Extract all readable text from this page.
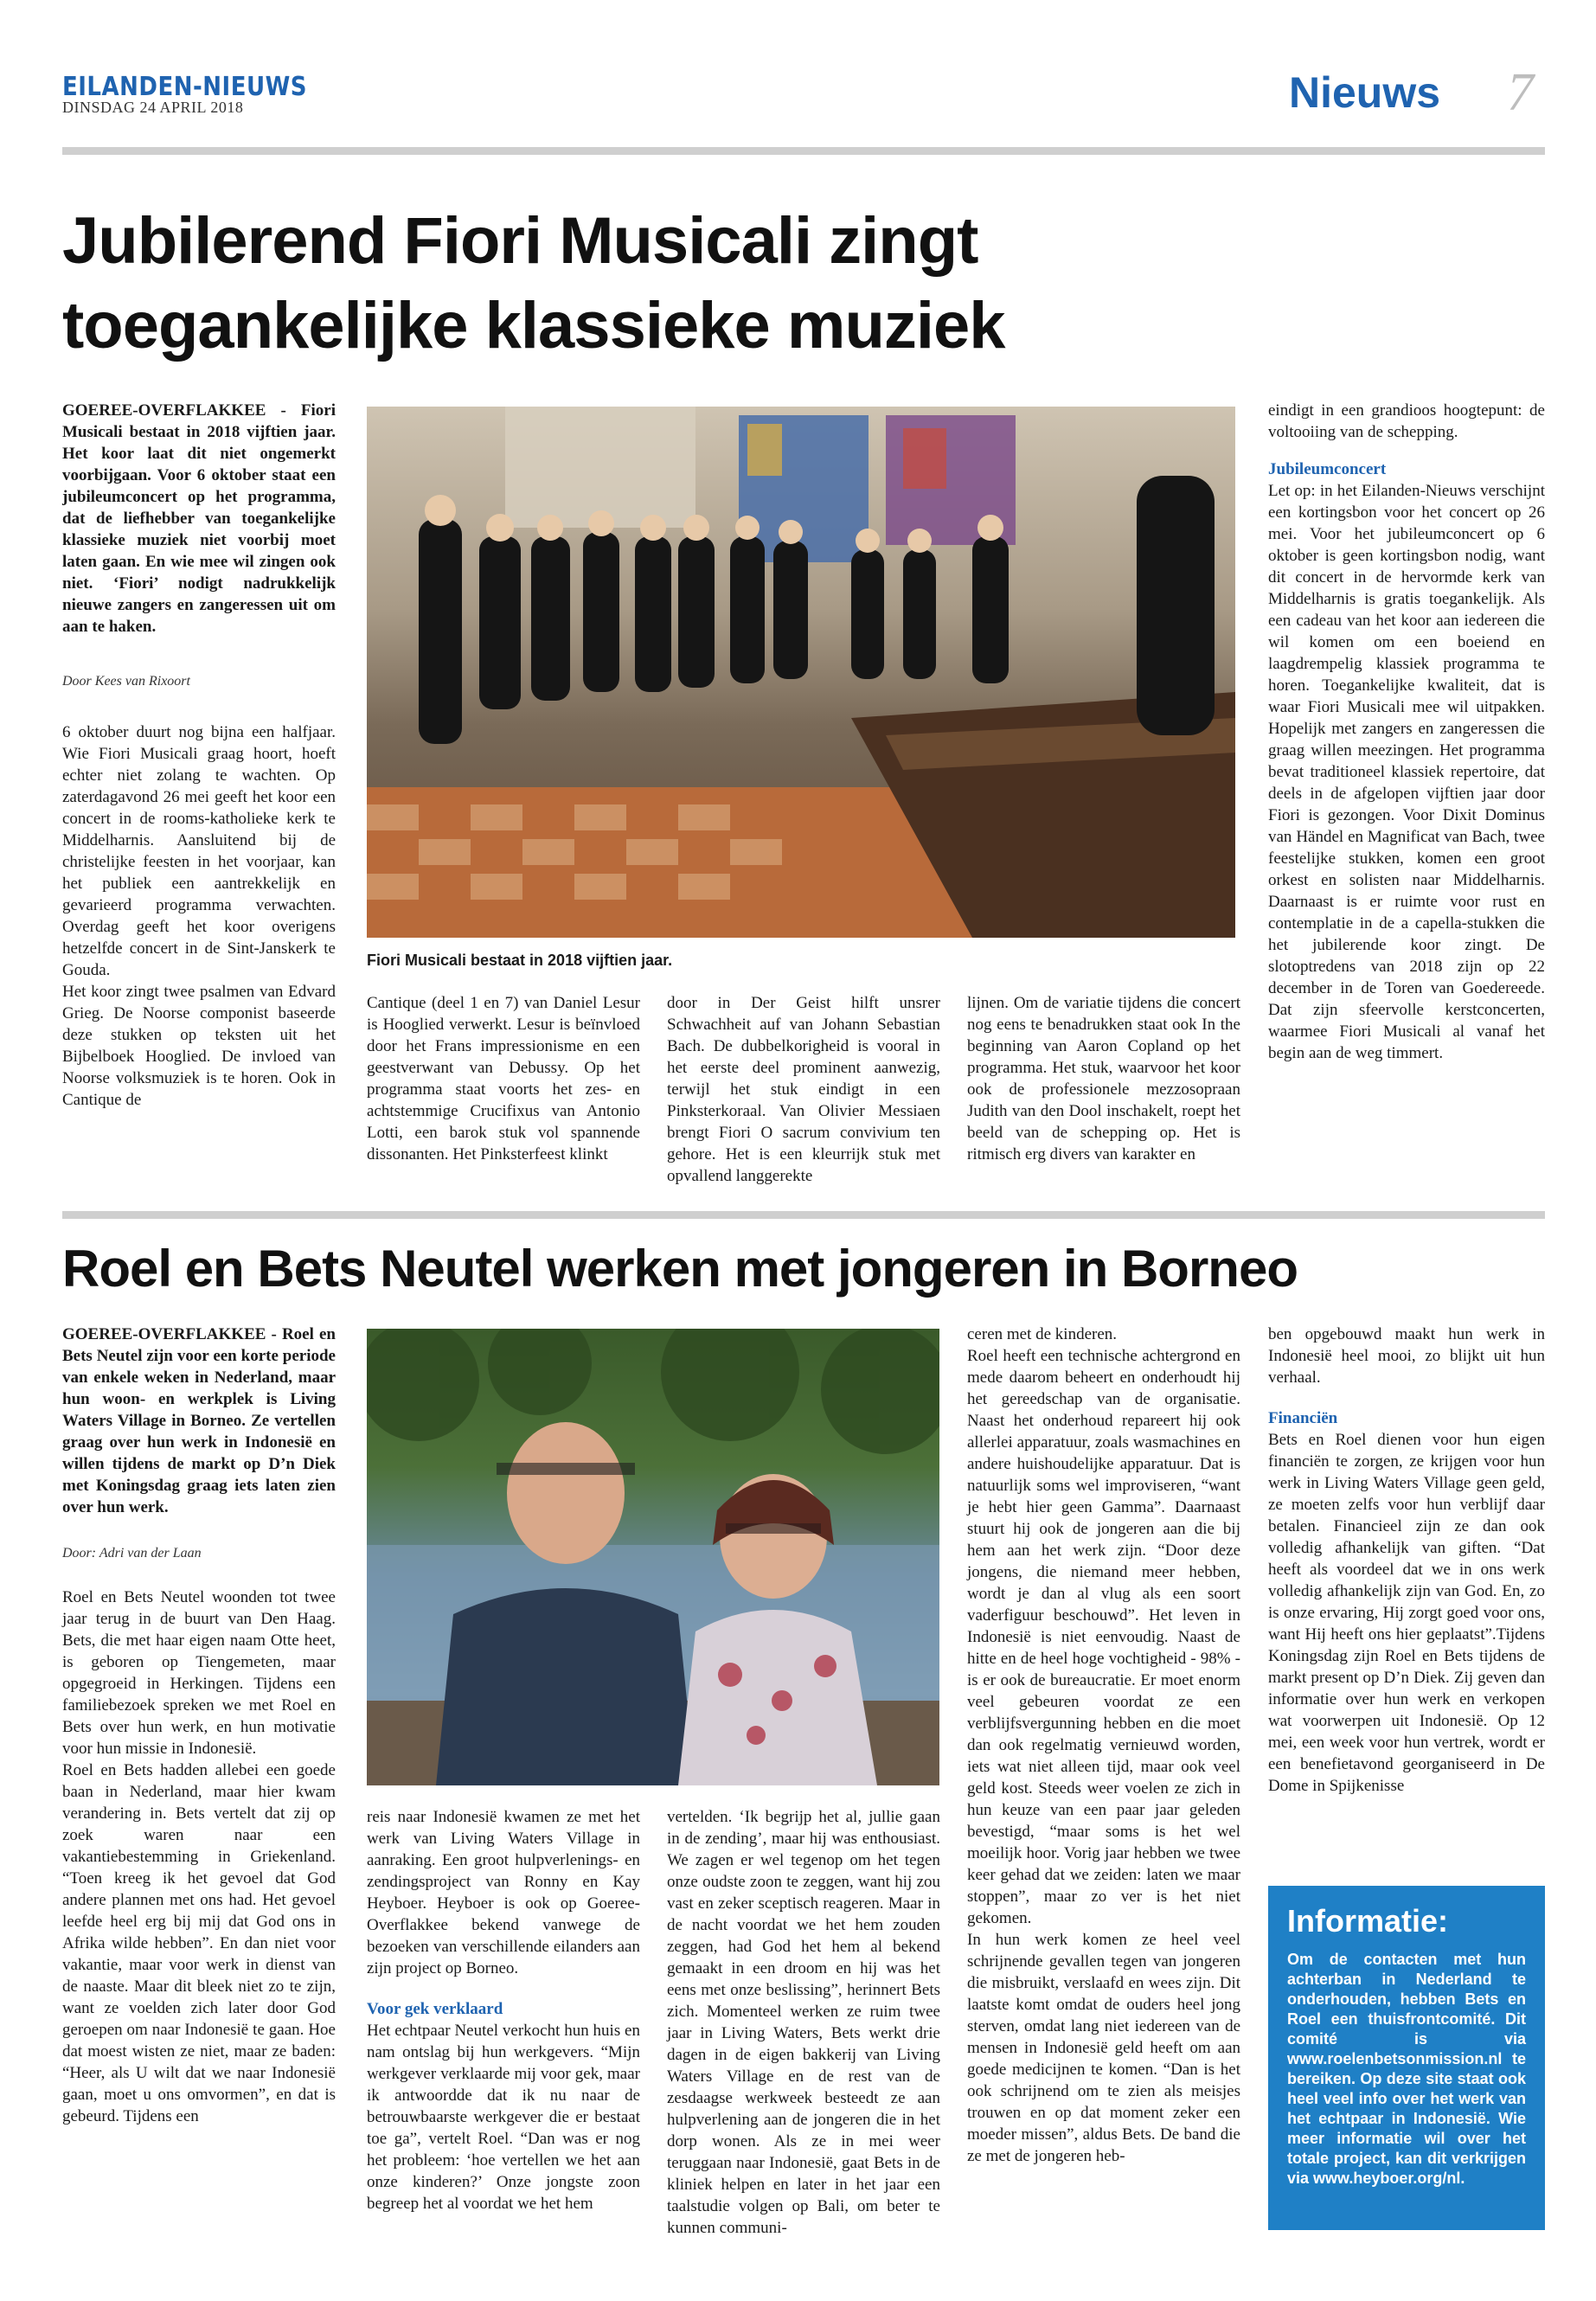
EILANDEN-NIEUWS
DINSDAG 24 APRIL 2018	Nieuws 7
Jubilerend Fiori Musicali zingt
toegankelijke klassieke muziek

GOEREE-OVERFLAKKEE - Fiori Musicali bestaat in 2018 vijftien jaar. Het koor laat dit niet ongemerkt voorbijgaan. Voor 6 oktober staat een jubileumconcert op het programma, dat de liefhebber van toegankelijke klassieke muziek niet voorbij moet laten gaan. En wie mee wil zingen ook niet. ‘Fiori’ nodigt nadrukkelijk nieuwe zangers en zangeressen uit om aan te haken.

Door Kees van Rixoort

6 oktober duurt nog bijna een halfjaar. Wie Fiori Musicali graag hoort, hoeft echter niet zolang te wachten. Op zaterdagavond 26 mei geeft het koor een concert in de rooms-katholieke kerk te Middelharnis. Aansluitend bij de christelijke feesten in het voorjaar, kan het publiek een aantrekkelijk en gevarieerd programma verwachten. Overdag geeft het koor overigens hetzelfde concert in de Sint-Janskerk te Gouda.

Het koor zingt twee psalmen van Edvard Grieg. De Noorse componist baseerde deze stukken op teksten uit het Bijbelboek Hooglied. De invloed van Noorse volksmuziek is te horen. Ook in Cantique de

Fiori Musicali bestaat in 2018 vijftien jaar.

Cantique (deel 1 en 7) van Daniel Lesur is Hooglied verwerkt. Lesur is beïnvloed door het Frans impressionisme en een geestverwant van Debussy. Op het programma staat voorts het zes- en achtstemmige Crucifixus van Antonio Lotti, een barok stuk vol spannende dissonanten. Het Pinksterfeest klinkt

door in Der Geist hilft unsrer Schwachheit auf van Johann Sebastian Bach. De dubbelkorigheid is vooral in het eerste deel prominent aanwezig, terwijl het stuk eindigt in een Pinksterkoraal. Van Olivier Messiaen brengt Fiori O sacrum convivium ten gehore. Het is een kleurrijk stuk met opvallend langgerekte

lijnen. Om de variatie tijdens die concert nog eens te benadrukken staat ook In the beginning van Aaron Copland op het programma. Het stuk, waarvoor het koor ook de professionele mezzosopraan Judith van den Dool inschakelt, roept het beeld van de schepping op. Het is ritmisch erg divers van karakter en

eindigt in een grandioos hoogtepunt: de voltooiing van de schepping.

Jubileumconcert

Let op: in het Eilanden-Nieuws verschijnt een kortingsbon voor het concert op 26 mei. Voor het jubileumconcert op 6 oktober is geen kortingsbon nodig, want dit concert in de hervormde kerk van Middelharnis is gratis toegankelijk. Als een cadeau van het koor aan iedereen die wil komen om een boeiend en laagdrempelig klassiek programma te horen. Toegankelijke kwaliteit, dat is waar Fiori Musicali mee wil uitpakken. Hopelijk met zangers en zangeressen die graag willen meezingen. Het programma bevat traditioneel klassiek repertoire, dat deels in de afgelopen vijftien jaar door Fiori is gezongen. Voor Dixit Dominus van Händel en Magnificat van Bach, twee feestelijke stukken, komen een groot orkest en solisten naar Middelharnis. Daarnaast is er ruimte voor rust en contemplatie in de a capella-stukken die het jubilerende koor zingt. De slotoptredens van 2018 zijn op 22 december in de Toren van Goedereede. Dat zijn sfeervolle kerstconcerten, waarmee Fiori Musicali al vanaf het begin aan de weg timmert.

Roel en Bets Neutel werken met jongeren in Borneo

GOEREE-OVERFLAKKEE - Roel en Bets Neutel zijn voor een korte periode van enkele weken in Nederland, maar hun woon- en werkplek is Living Waters Village in Borneo. Ze vertellen graag over hun werk in Indonesië en willen tijdens de markt op D’n Diek met Koningsdag graag iets laten zien over hun werk.

Door: Adri van der Laan

Roel en Bets Neutel woonden tot twee jaar terug in de buurt van Den Haag. Bets, die met haar eigen naam Otte heet, is geboren op Tiengemeten, maar opgegroeid in Herkingen. Tijdens een familiebezoek spreken we met Roel en Bets over hun werk, en hun motivatie voor hun missie in Indonesië.

Roel en Bets hadden allebei een goede baan in Nederland, maar hier kwam verandering in. Bets vertelt dat zij op zoek waren naar een vakantiebestemming in Griekenland. “Toen kreeg ik het gevoel dat God andere plannen met ons had. Het gevoel leefde heel erg bij mij dat God ons in Afrika wilde hebben”. En dan niet voor vakantie, maar voor werk in dienst van de naaste. Maar dit bleek niet zo te zijn, want ze voelden zich later door God geroepen om naar Indonesië te gaan. Hoe dat moest wisten ze niet, maar ze baden: “Heer, als U wilt dat we naar Indonesië gaan, moet u ons omvormen”, en dat is gebeurd. Tijdens een

reis naar Indonesië kwamen ze met het werk van Living Waters Village in aanraking. Een groot hulpverlenings- en zendingsproject van Ronny en Kay Heyboer. Heyboer is ook op Goeree-Overflakkee bekend vanwege de bezoeken van verschillende eilanders aan zijn project op Borneo.

Voor gek verklaard

Het echtpaar Neutel verkocht hun huis en nam ontslag bij hun werkgevers. “Mijn werkgever verklaarde mij voor gek, maar ik antwoordde dat ik nu naar de betrouwbaarste werkgever die er bestaat toe ga”, vertelt Roel. “Dan was er nog het probleem: ‘hoe vertellen we het aan onze kinderen?’ Onze jongste zoon begreep het al voordat we het hem

vertelden. ‘Ik begrijp het al, jullie gaan in de zending’, maar hij was enthousiast. We zagen er wel tegenop om het tegen onze oudste zoon te zeggen, want hij zou vast en zeker sceptisch reageren. Maar in de nacht voordat we het hem zouden zeggen, had God het hem al bekend gemaakt in een droom en hij was het eens met onze beslissing”, herinnert Bets zich. Momenteel werken ze ruim twee jaar in Living Waters, Bets werkt drie dagen in de eigen bakkerij van Living Waters Village en de rest van de zesdaagse werkweek besteedt ze aan hulpverlening aan de jongeren die in het dorp wonen. Als ze in mei weer teruggaan naar Indonesië, gaat Bets in de kliniek helpen en later in het jaar een taalstudie volgen op Bali, om beter te kunnen communi-

ceren met de kinderen.

Roel heeft een technische achtergrond en mede daarom beheert en onderhoudt hij het gereedschap van de organisatie. Naast het onderhoud repareert hij ook allerlei apparatuur, zoals wasmachines en andere huishoudelijke apparatuur. Dat is natuurlijk soms wel improviseren, “want je hebt hier geen Gamma”. Daarnaast stuurt hij ook de jongeren aan die bij hem aan het werk zijn. “Door deze jongens, die niemand meer hebben, wordt je dan al vlug als een soort vaderfiguur beschouwd”. Het leven in Indonesië is niet eenvoudig. Naast de hitte en de heel hoge vochtigheid - 98% - is er ook de bureaucratie. Er moet enorm veel gebeuren voordat ze een verblijfsvergunning hebben en die moet dan ook regelmatig vernieuwd worden, iets wat niet alleen tijd, maar ook veel geld kost. Steeds weer voelen ze zich in hun keuze van een paar jaar geleden bevestigd, “maar soms is het wel moeilijk hoor. Vorig jaar hebben we twee keer gehad dat we zeiden: laten we maar stoppen”, maar zo ver is het niet gekomen.

In hun werk komen ze heel veel schrijnende gevallen tegen van jongeren die misbruikt, verslaafd en wees zijn. Dit laatste komt omdat de ouders heel jong sterven, omdat lang niet iedereen van de mensen in Indonesië geld heeft om aan goede medicijnen te komen. “Dan is het ook schrijnend om te zien als meisjes trouwen en op dat moment zeker een moeder missen”, aldus Bets. De band die ze met de jongeren heb-

ben opgebouwd maakt hun werk in Indonesië heel mooi, zo blijkt uit hun verhaal.

Financiën

Bets en Roel dienen voor hun eigen financiën te zorgen, ze krijgen voor hun werk in Living Waters Village geen geld, ze moeten zelfs voor hun verblijf daar betalen. Financieel zijn ze dan ook volledig afhankelijk van giften. “Dat heeft als voordeel dat we in ons werk volledig afhankelijk zijn van God. En, zo is onze ervaring, Hij zorgt goed voor ons, want Hij heeft ons hier geplaatst”.Tijdens Koningsdag zijn Roel en Bets tijdens de markt present op D’n Diek. Zij geven dan informatie over hun werk en verkopen wat voorwerpen uit Indonesië. Op 12 mei, een week voor hun vertrek, wordt er een benefietavond georganiseerd in De Dome in Spijkenisse

Informatie:
Om de contacten met hun achterban in Nederland te onderhouden, hebben Bets en Roel een thuisfrontcomité. Dit comité is via www.roelenbetsonmission.nl te bereiken. Op deze site staat ook heel veel info over het werk van het echtpaar in Indonesië. Wie meer informatie wil over het totale project, kan dit verkrijgen via www.heyboer.org/nl.
